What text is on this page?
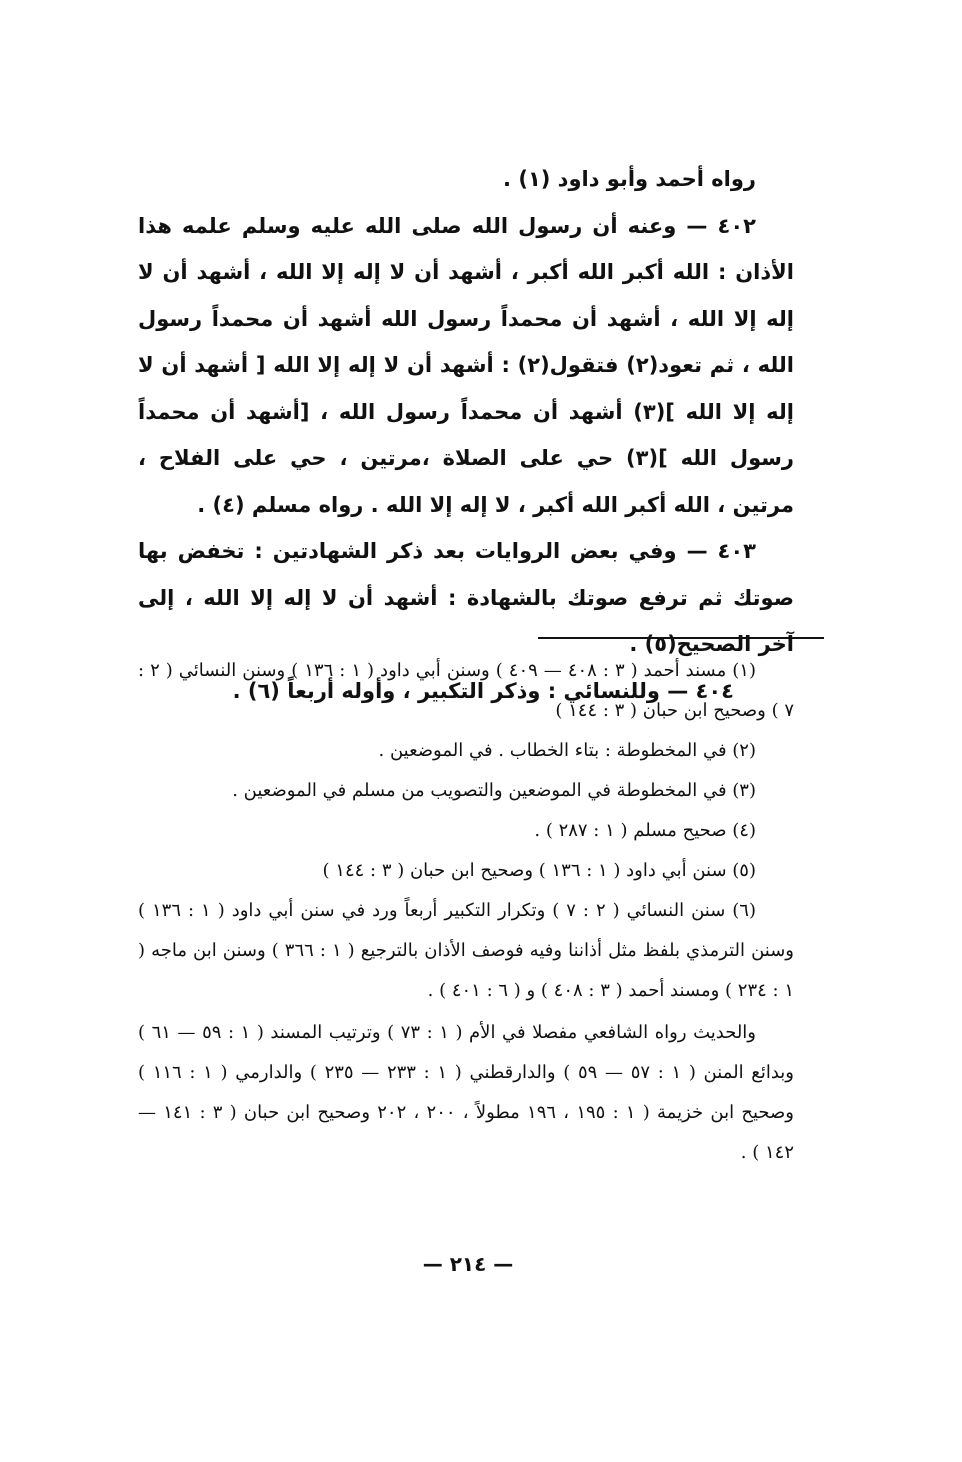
رواه أحمد وأبو داود (١) .

٤٠٢ — وعنه أن رسول الله صلى الله عليه وسلم علمه هذا الأذان : الله أكبر الله أكبر ، أشهد أن لا إله إلا الله ، أشهد أن لا إله إلا الله ، أشهد أن محمداً رسول الله أشهد أن محمداً رسول الله ، ثم تعود(٢) فتقول(٢) : أشهد أن لا إله إلا الله [ أشهد أن لا إله إلا الله ](٣) أشهد أن محمداً رسول الله ، [أشهد أن محمداً رسول الله ](٣) حي على الصلاة ،مرتين ، حي على الفلاح ، مرتين ، الله أكبر الله أكبر ، لا إله إلا الله . رواه مسلم (٤) .

٤٠٣ — وفي بعض الروايات بعد ذكر الشهادتين : تخفض بها صوتك ثم ترفع صوتك بالشهادة : أشهد أن لا إله إلا الله ، إلى آخر الصحيح(٥) .

٤٠٤ — وللنسائي : وذكر التكبير ، وأوله أربعاً (٦) .

(١) مسند أحمد ( ٣ : ٤٠٨ — ٤٠٩ ) وسنن أبي داود ( ١ : ١٣٦ ) وسنن النسائي ( ٢ : ٧ ) وصحيح ابن حبان ( ٣ : ١٤٤ )

(٢) في المخطوطة : بتاء الخطاب . في الموضعين .

(٣) في المخطوطة في الموضعين والتصويب من مسلم في الموضعين .

(٤) صحيح مسلم ( ١ : ٢٨٧ ) .

(٥) سنن أبي داود ( ١ : ١٣٦ ) وصحيح ابن حبان ( ٣ : ١٤٤ )

(٦) سنن النسائي ( ٢ : ٧ ) وتكرار التكبير أربعاً ورد في سنن أبي داود ( ١ : ١٣٦ ) وسنن الترمذي بلفظ مثل أذاننا وفيه فوصف الأذان بالترجيع ( ١ : ٣٦٦ ) وسنن ابن ماجه ( ١ : ٢٣٤ ) ومسند أحمد ( ٣ : ٤٠٨ ) و ( ٦ : ٤٠١ ) .

والحديث رواه الشافعي مفصلا في الأم ( ١ : ٧٣ ) وترتيب المسند ( ١ : ٥٩ — ٦١ ) وبدائع المنن ( ١ : ٥٧ — ٥٩ ) والدارقطني ( ١ : ٢٣٣ — ٢٣٥ ) والدارمي ( ١ : ١١٦ ) وصحيح ابن خزيمة ( ١ : ١٩٥ ، ١٩٦ مطولاً ، ٢٠٠ ، ٢٠٢ وصحيح ابن حبان ( ٣ : ١٤١ — ١٤٢ ) .

— ٢١٤ —
